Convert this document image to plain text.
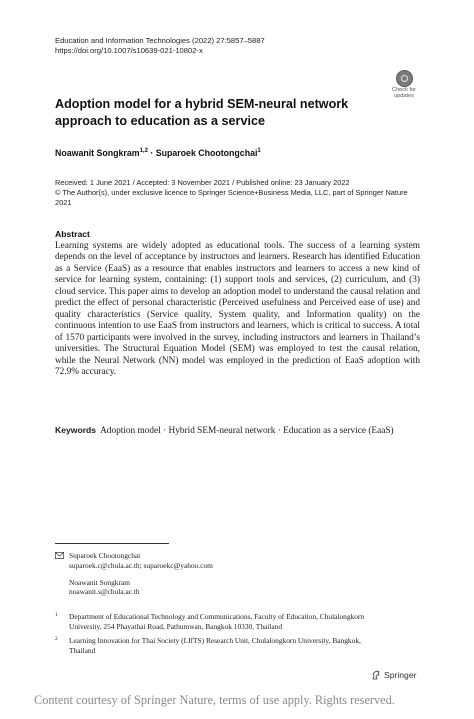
Education and Information Technologies (2022) 27:5857–5887
https://doi.org/10.1007/s10639-021-10802-x
Check for
updates
Adoption model for a hybrid SEM-neural network approach to education as a service
Noawanit Songkram$^{1,2}$ · Suparoek Chootongchai$^1$
Received: 1 June 2021 / Accepted: 3 November 2021 / Published online: 23 January 2022
© The Author(s), under exclusive licence to Springer Science+Business Media, LLC, part of Springer Nature 2021
Abstract
Learning systems are widely adopted as educational tools. The success of a learning system depends on the level of acceptance by instructors and learners. Research has identified Education as a Service (EaaS) as a resource that enables instructors and learners to access a new kind of service for learning system, containing: (1) support tools and services, (2) curriculum, and (3) cloud service. This paper aims to develop an adoption model to understand the causal relation and predict the effect of personal characteristic (Perceived usefulness and Perceived ease of use) and quality characteristics (Service quality, System quality, and Information quality) on the continuous intention to use EaaS from instructors and learners, which is critical to success. A total of 1570 participants were involved in the survey, including instructors and learners in Thailand’s universities. The Structural Equation Model (SEM) was employed to test the causal relation, while the Neural Network (NN) model was employed in the prediction of EaaS adoption with 72.9% accuracy.
Keywords Adoption model · Hybrid SEM-neural network · Education as a service (EaaS)
Suparoek Chootongchai
suparoek.c@chula.ac.th; suparoekc@yahoo.com
Noawanit Songkram
noawanit.s@chula.ac.th
1 Department of Educational Technology and Communications, Faculty of Education, Chulalongkorn University, 254 Phayathai Road, Pathumwan, Bangkok 10330, Thailand
2 Learning Innovation for Thai Society (LIfTS) Research Unit, Chulalongkorn University, Bangkok, Thailand
Springer
Content courtesy of Springer Nature, terms of use apply. Rights reserved.
